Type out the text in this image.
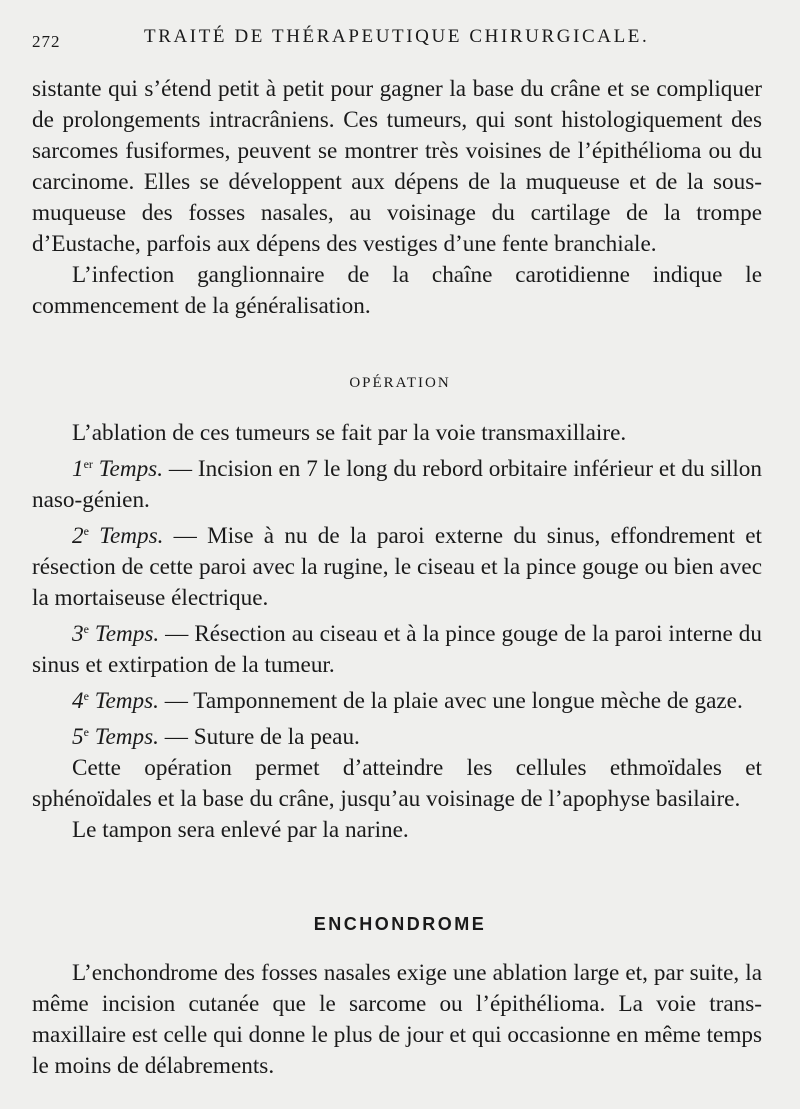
272	TRAITÉ DE THÉRAPEUTIQUE CHIRURGICALE.

sistante qui s’étend petit à petit pour gagner la base du crâne et se compliquer de prolongements intracrâniens. Ces tumeurs, qui sont histologiquement des sarcomes fusiformes, peuvent se montrer très voisines de l’épithélioma ou du carcinome. Elles se développent aux dépens de la muqueuse et de la sous-muqueuse des fosses nasales, au voisinage du cartilage de la trompe d’Eustache, parfois aux dépens des vestiges d’une fente branchiale.

L’infection ganglionnaire de la chaîne carotidienne indique le commencement de la généralisation.

OPÉRATION

L’ablation de ces tumeurs se fait par la voie transmaxillaire.

1er Temps. — Incision en 7 le long du rebord orbitaire inférieur et du sillon naso-génien.

2e Temps. — Mise à nu de la paroi externe du sinus, effondrement et résection de cette paroi avec la rugine, le ciseau et la pince gouge ou bien avec la mortaiseuse électrique.

3e Temps. — Résection au ciseau et à la pince gouge de la paroi interne du sinus et extirpation de la tumeur.

4e Temps. — Tamponnement de la plaie avec une longue mèche de gaze.

5e Temps. — Suture de la peau.

Cette opération permet d’atteindre les cellules ethmoïdales et sphénoïdales et la base du crâne, jusqu’au voisinage de l’apophyse basilaire.

Le tampon sera enlevé par la narine.

ENCHONDROME

L’enchondrome des fosses nasales exige une ablation large et, par suite, la même incision cutanée que le sarcome ou l’épithélioma. La voie trans-maxillaire est celle qui donne le plus de jour et qui occasionne en même temps le moins de délabrements.
